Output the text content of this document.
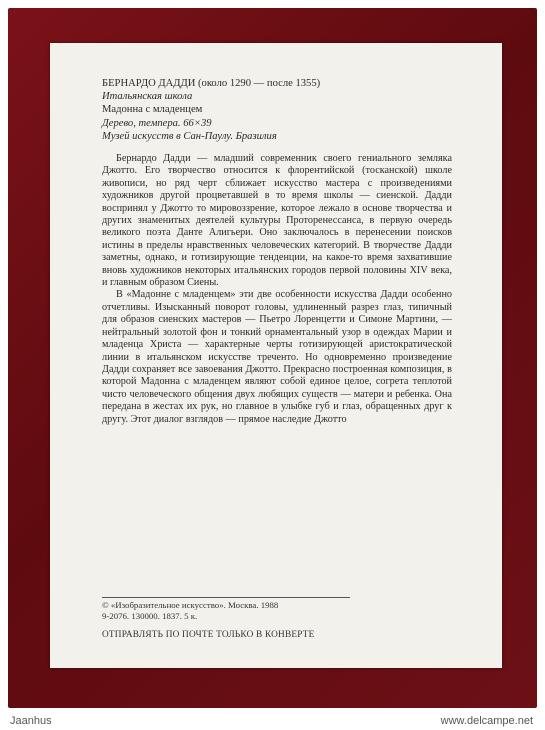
БЕРНАРДО ДАДДИ (около 1290 — после 1355)
Итальянская школа
Мадонна с младенцем
Дерево, темпера. 66×39
Музей искусств в Сан-Паулу. Бразилия

Бернардо Дадди — младший современник своего гениального земляка Джотто. Его творчество относится к флорентийской (тосканской) школе живописи, но ряд черт сближает искусство мастера с произведениями художников другой процветавшей в то время школы — сиенской. Дадди воспринял у Джотто то мировоззрение, которое лежало в основе творчества и других знаменитых деятелей культуры Протоpенессанса, в первую очередь великого поэта Данте Алигьери. Оно заключалось в перенесении поисков истины в пределы нравственных человеческих категорий. В творчестве Дадди заметны, однако, и готизирующие тенденции, на какое-то время захватившие вновь художников некоторых итальянских городов первой половины XIV века, и главным образом Сиены.

В «Мадонне с младенцем» эти две особенности искусства Дадди особенно отчетливы. Изысканный поворот головы, удлиненный разрез глаз, типичный для образов сиенских мастеров — Пьетро Лоренцетти и Симоне Мартини, — нейтральный золотой фон и тонкий орнаментальный узор в одеждах Марии и младенца Христа — характерные черты готизирующей аристократической линии в итальянском искусстве тречентo. Но одновременно произведение Дадди сохраняет все завоевания Джотто. Прекрасно построенная композиция, в которой Мадонна с младенцем являют собой единое целое, согрета теплотой чисто человеческого общения двух любящих существ — матери и ребенка. Она передана в жестах их рук, но главное в улыбке губ и глаз, обращенных друг к другу. Этот диалог взглядов — прямое наследие Джотто

© «Изобразительное искусство». Москва. 1988
9-2076. 130000. 1837. 5 к.
ОТПРАВЛЯТЬ ПО ПОЧТЕ ТОЛЬКО В КОНВЕРТЕ
Jaanhus	www.delcampe.net
